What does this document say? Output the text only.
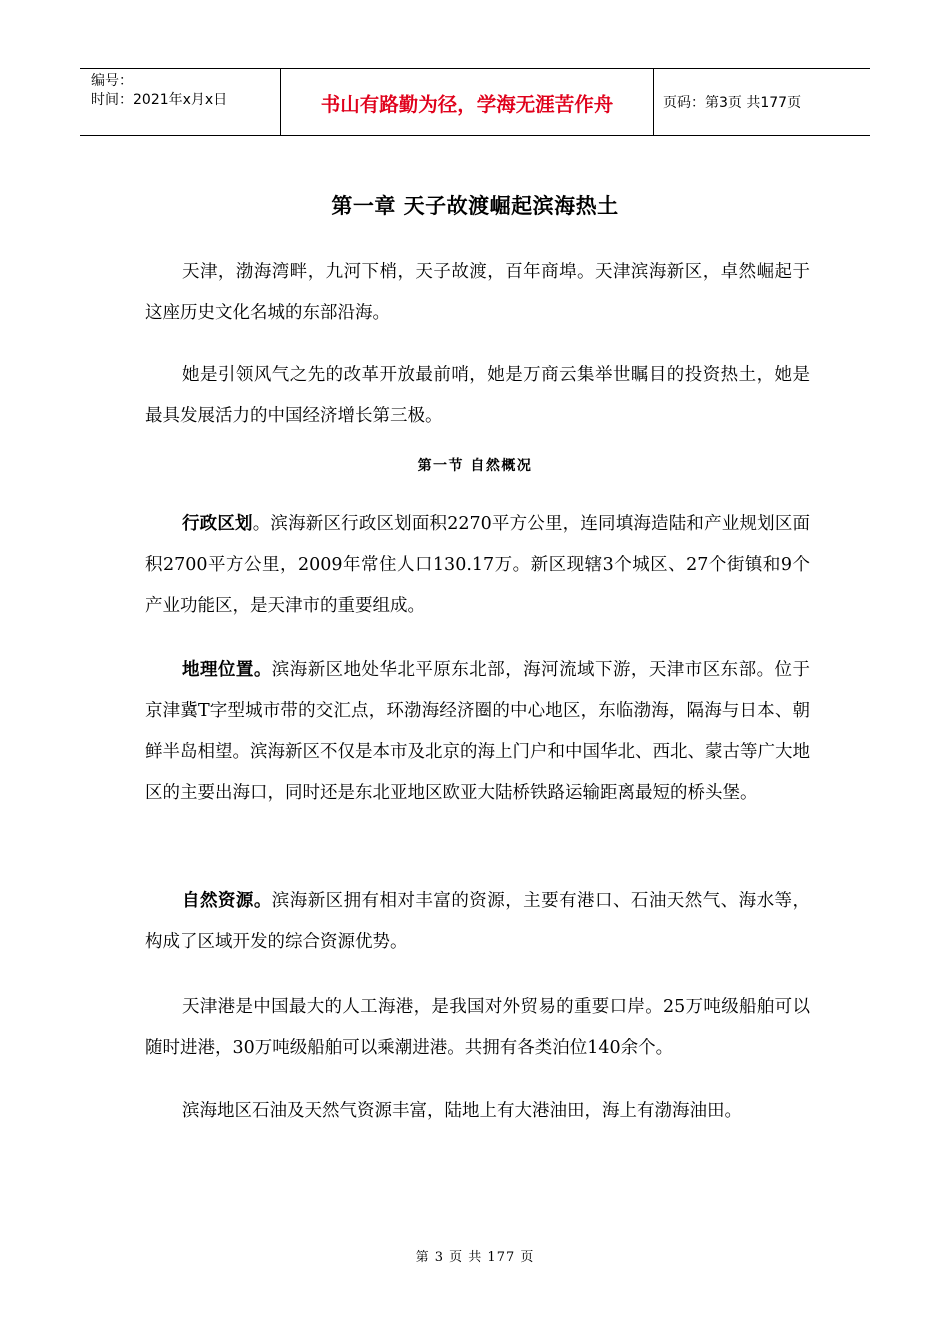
编号：
时间：2021年x月x日	书山有路勤为径，学海无涯苦作舟	页码：第3页 共177页
第一章 天子故渡崛起滨海热土

天津，渤海湾畔，九河下梢，天子故渡，百年商埠。天津滨海新区，卓然崛起于这座历史文化名城的东部沿海。

她是引领风气之先的改革开放最前哨，她是万商云集举世瞩目的投资热土，她是最具发展活力的中国经济增长第三极。

第一节 自然概况

行政区划。滨海新区行政区划面积2270平方公里，连同填海造陆和产业规划区面积2700平方公里，2009年常住人口130.17万。新区现辖3个城区、27个街镇和9个产业功能区，是天津市的重要组成。

地理位置。滨海新区地处华北平原东北部，海河流域下游，天津市区东部。位于京津冀T字型城市带的交汇点，环渤海经济圈的中心地区，东临渤海，隔海与日本、朝鲜半岛相望。滨海新区不仅是本市及北京的海上门户和中国华北、西北、蒙古等广大地区的主要出海口，同时还是东北亚地区欧亚大陆桥铁路运输距离最短的桥头堡。

自然资源。滨海新区拥有相对丰富的资源，主要有港口、石油天然气、海水等，构成了区域开发的综合资源优势。

天津港是中国最大的人工海港，是我国对外贸易的重要口岸。25万吨级船舶可以随时进港，30万吨级船舶可以乘潮进港。共拥有各类泊位140余个。

滨海地区石油及天然气资源丰富，陆地上有大港油田，海上有渤海油田。

第 3 页 共 177 页
